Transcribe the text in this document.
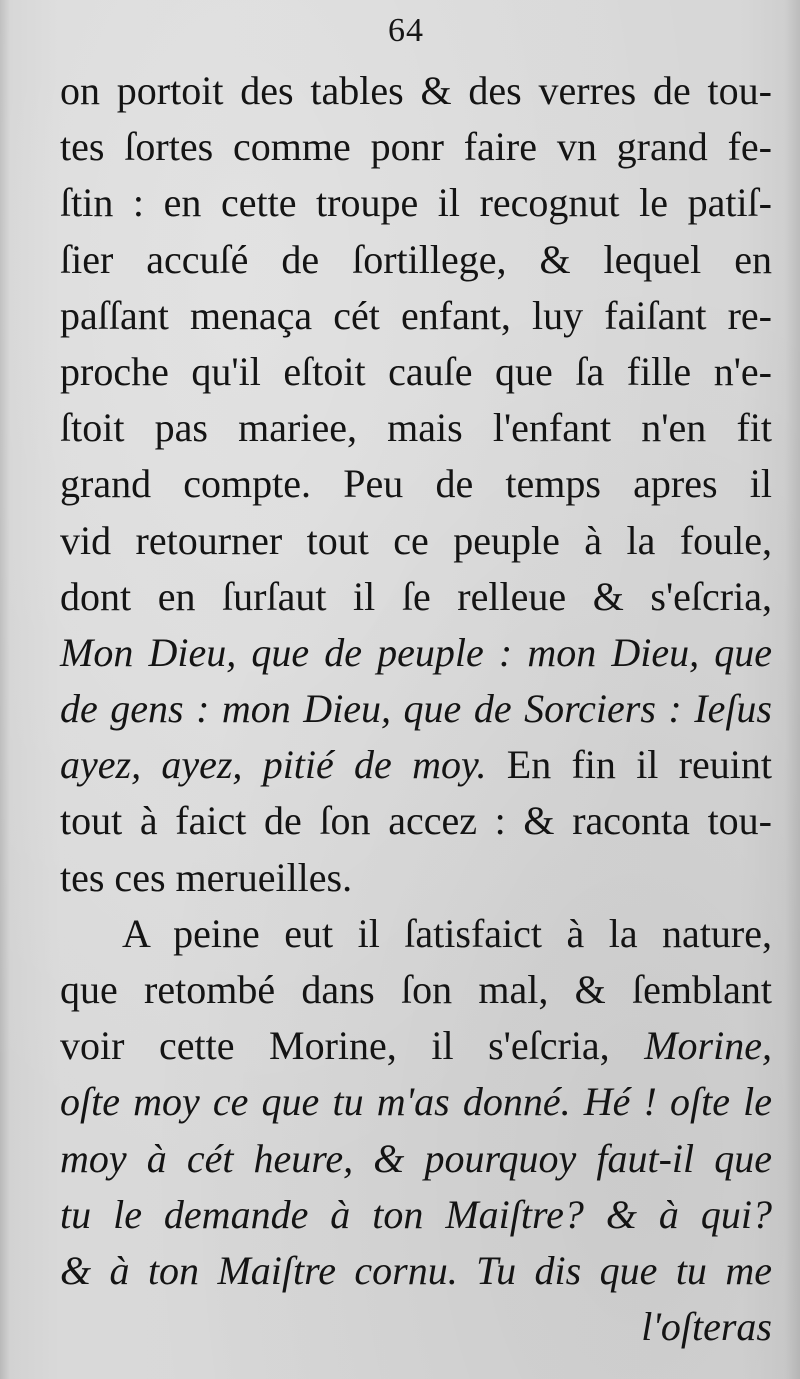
64
on portoit des tables & des verres de tou-
tes ſortes comme ponr faire vn grand fe-
ſtin : en cette troupe il recognut le patiſ-
ſier accuſé de ſortillege, & lequel en
paſſant menaça cét enfant, luy faiſant re-
proche qu'il eſtoit cauſe que ſa fille n'e-
ſtoit pas mariee, mais l'enfant n'en fit
grand compte. Peu de temps apres il
vid retourner tout ce peuple à la foule,
dont en ſurſaut il ſe relleue & s'eſcria,
Mon Dieu, que de peuple : mon Dieu, que
de gens : mon Dieu, que de Sorciers : Ieſus
ayez, ayez, pitié de moy. En fin il reuint
tout à faict de ſon accez : & raconta tou-
tes ces merueilles.
A peine eut il ſatisfaict à la nature,
que retombé dans ſon mal, & ſemblant
voir cette Morine, il s'eſcria, Morine,
oſte moy ce que tu m'as donné. Hé ! oſte le
moy à cét heure, & pourquoy faut-il que
tu le demande à ton Maiſtre? & à qui?
& à ton Maiſtre cornu. Tu dis que tu me
l'oſteras
